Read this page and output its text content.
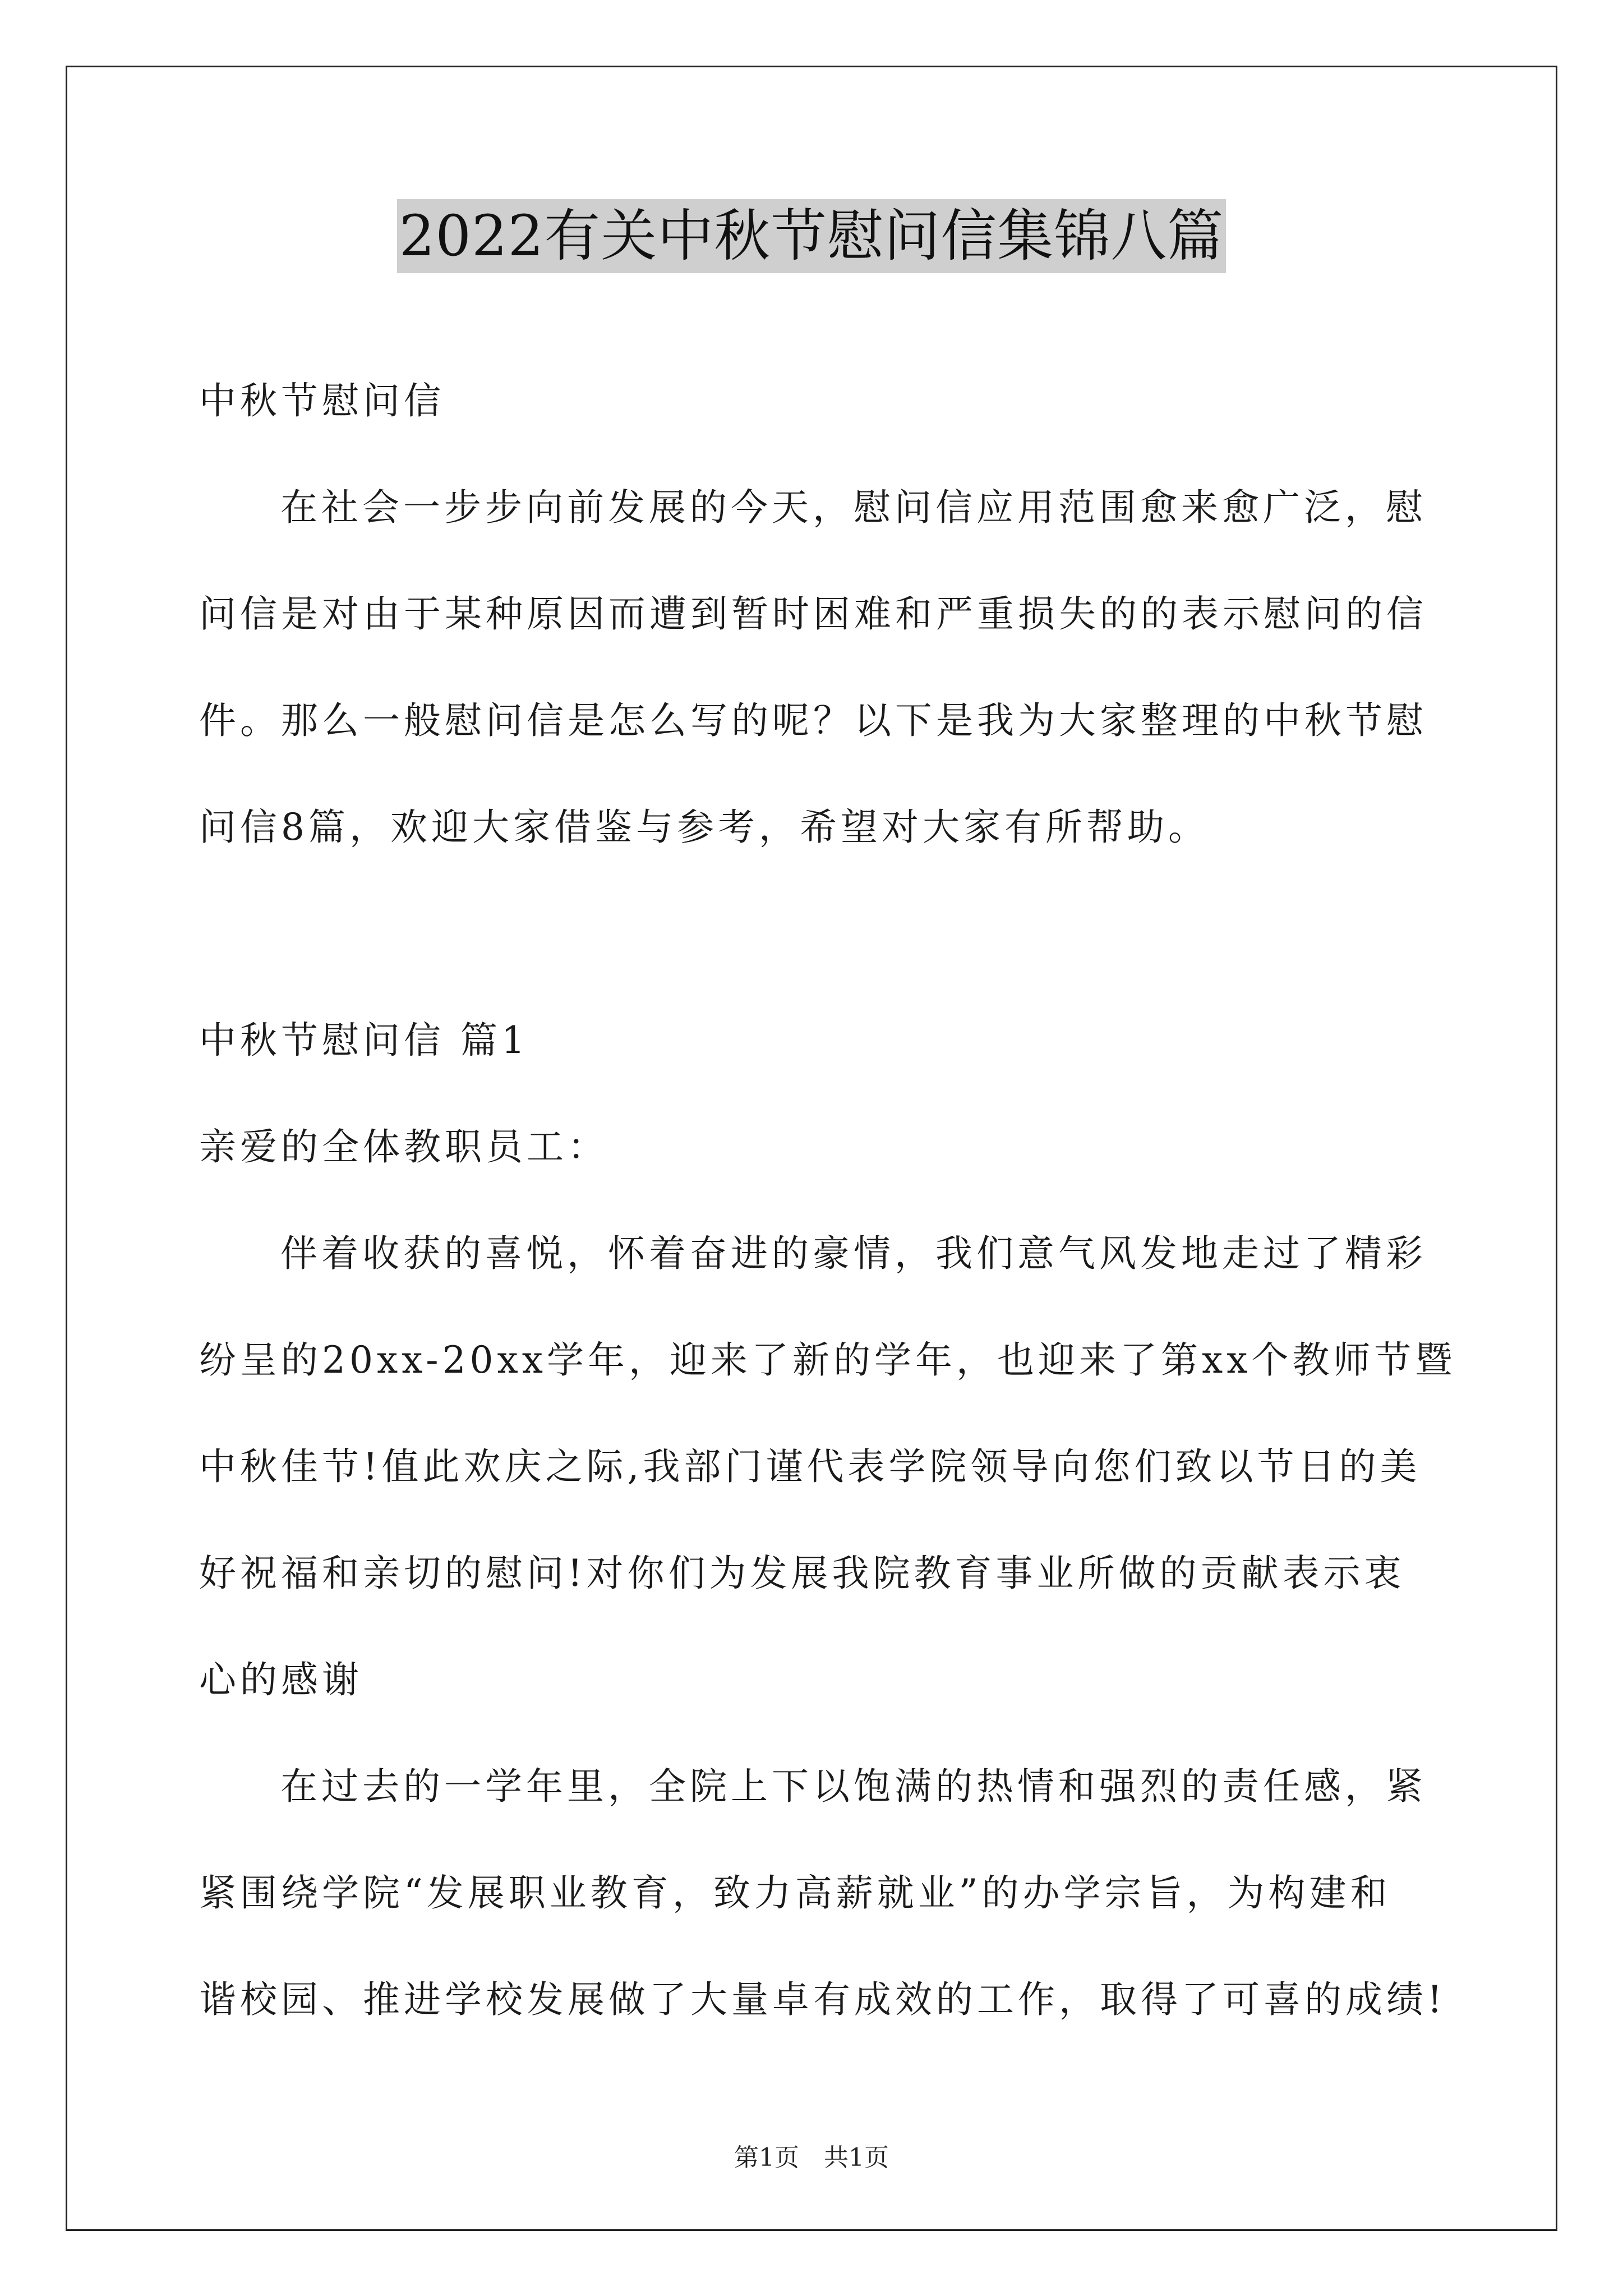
2022有关中秋节慰问信集锦八篇
中秋节慰问信
在社会一步步向前发展的今天，慰问信应用范围愈来愈广泛，慰
问信是对由于某种原因而遭到暂时困难和严重损失的的表示慰问的信
件。那么一般慰问信是怎么写的呢？以下是我为大家整理的中秋节慰
问信8篇，欢迎大家借鉴与参考，希望对大家有所帮助。
中秋节慰问信 篇1
亲爱的全体教职员工：
伴着收获的喜悦，怀着奋进的豪情，我们意气风发地走过了精彩
纷呈的20xx-20xx学年，迎来了新的学年，也迎来了第xx个教师节暨
中秋佳节!值此欢庆之际,我部门谨代表学院领导向您们致以节日的美
好祝福和亲切的慰问!对你们为发展我院教育事业所做的贡献表示衷
心的感谢
在过去的一学年里，全院上下以饱满的热情和强烈的责任感，紧
紧围绕学院“发展职业教育，致力高薪就业”的办学宗旨，为构建和
谐校园、推进学校发展做了大量卓有成效的工作，取得了可喜的成绩!
第1页　共1页
